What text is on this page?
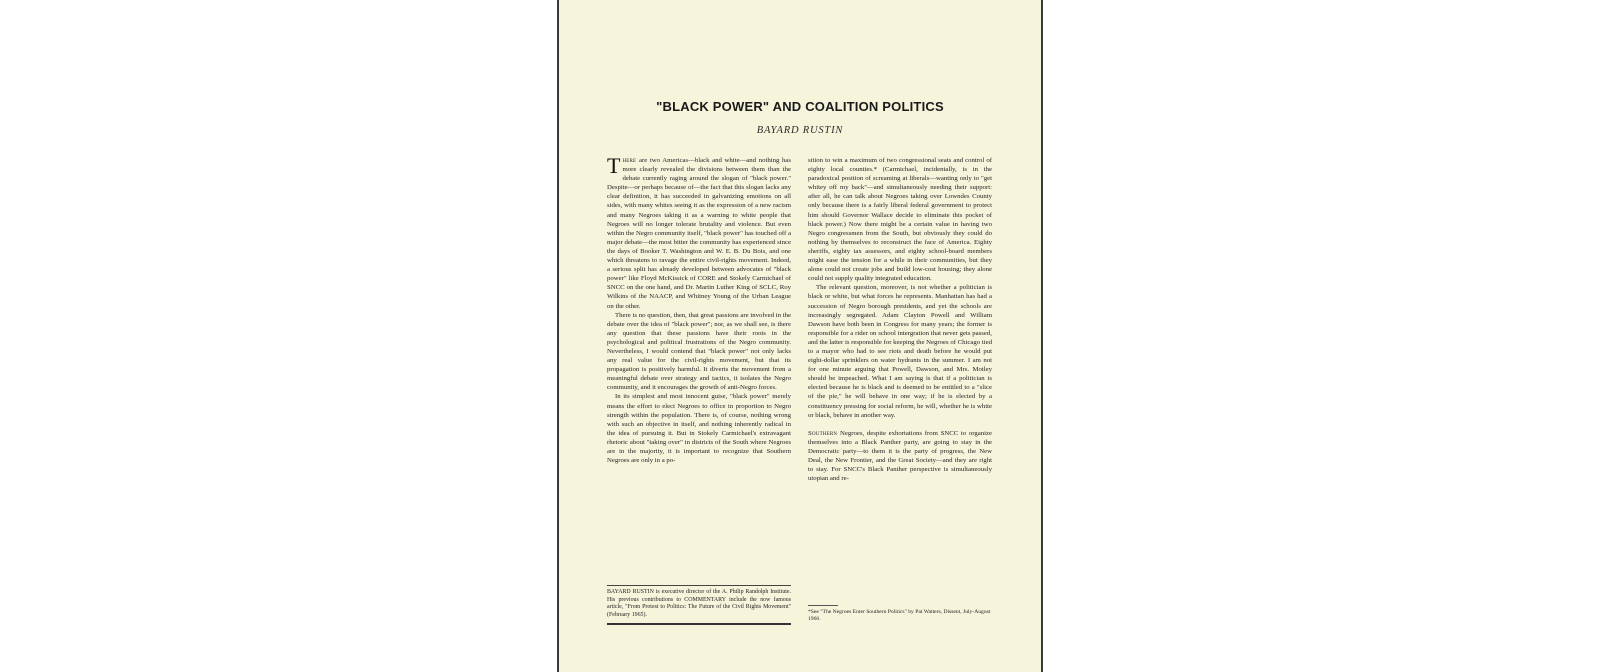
"BLACK POWER" AND COALITION POLITICS
BAYARD RUSTIN

There are two Americas—black and white—and nothing has more clearly revealed the divisions between them than the debate currently raging around the slogan of "black power." Despite—or perhaps because of—the fact that this slogan lacks any clear definition, it has succeeded in galvanizing emotions on all sides, with many whites seeing it as the expression of a new racism and many Negroes taking it as a warning to white people that Negroes will no longer tolerate brutality and violence. But even within the Negro community itself, "black power" has touched off a major debate—the most bitter the community has experienced since the days of Booker T. Washington and W. E. B. Du Bois, and one which threatens to ravage the entire civil-rights movement. Indeed, a serious split has already developed between advocates of "black power" like Floyd McKissick of CORE and Stokely Carmichael of SNCC on the one hand, and Dr. Martin Luther King of SCLC, Roy Wilkins of the NAACP, and Whitney Young of the Urban League on the other.

There is no question, then, that great passions are involved in the debate over the idea of "black power"; nor, as we shall see, is there any question that these passions have their roots in the psychological and political frustrations of the Negro community. Nevertheless, I would contend that "black power" not only lacks any real value for the civil-rights movement, but that its propagation is positively harmful. It diverts the movement from a meaningful debate over strategy and tactics, it isolates the Negro community, and it encourages the growth of anti-Negro forces.

In its simplest and most innocent guise, "black power" merely means the effort to elect Negroes to office in proportion to Negro strength within the population. There is, of course, nothing wrong with such an objective in itself, and nothing inherently radical in the idea of pursuing it. But in Stokely Carmichael's extravagant rhetoric about "taking over" in districts of the South where Negroes are in the majority, it is important to recognize that Southern Negroes are only in a po-

sition to win a maximum of two congressional seats and control of eighty local counties.* (Carmichael, incidentally, is in the paradoxical position of screaming at liberals—wanting only to "get whitey off my back"—and simultaneously needing their support: after all, he can talk about Negroes taking over Lowndes County only because there is a fairly liberal federal government to protect him should Governor Wallace decide to eliminate this pocket of black power.) Now there might be a certain value in having two Negro congressmen from the South, but obviously they could do nothing by themselves to reconstruct the face of America. Eighty sheriffs, eighty tax assessors, and eighty school-board members might ease the tension for a while in their communities, but they alone could not create jobs and build low-cost housing; they alone could not supply quality integrated education.

The relevant question, moreover, is not whether a politician is black or white, but what forces he represents. Manhattan has had a succession of Negro borough presidents, and yet the schools are increasingly segregated. Adam Clayton Powell and William Dawson have both been in Congress for many years; the former is responsible for a rider on school intergration that never gets passed, and the latter is responsible for keeping the Negroes of Chicago tied to a mayor who had to see riots and death before he would put eight-dollar sprinklers on water hydrants in the summer. I am not for one minute arguing that Powell, Dawson, and Mrs. Motley should be impeached. What I am saying is that if a politician is elected because he is black and is deemed to be entitled to a "slice of the pie," he will behave in one way; if he is elected by a constituency pressing for social reform, he will, whether he is white or black, behave in another way.

Southern Negroes, despite exhortations from SNCC to organize themselves into a Black Panther party, are going to stay in the Democratic party—to them it is the party of progress, the New Deal, the New Frontier, and the Great Society—and they are right to stay. For SNCC's Black Panther perspective is simultaneously utopian and re-

BAYARD RUSTIN is executive director of the A. Philip Randolph Institute. His previous contributions to COMMENTARY include the now famous article, "From Protest to Politics: The Future of the Civil Rights Movement" (February 1965).	*See "The Negroes Enter Southern Politics" by Pat Watters, Dissent, July-August 1966.
